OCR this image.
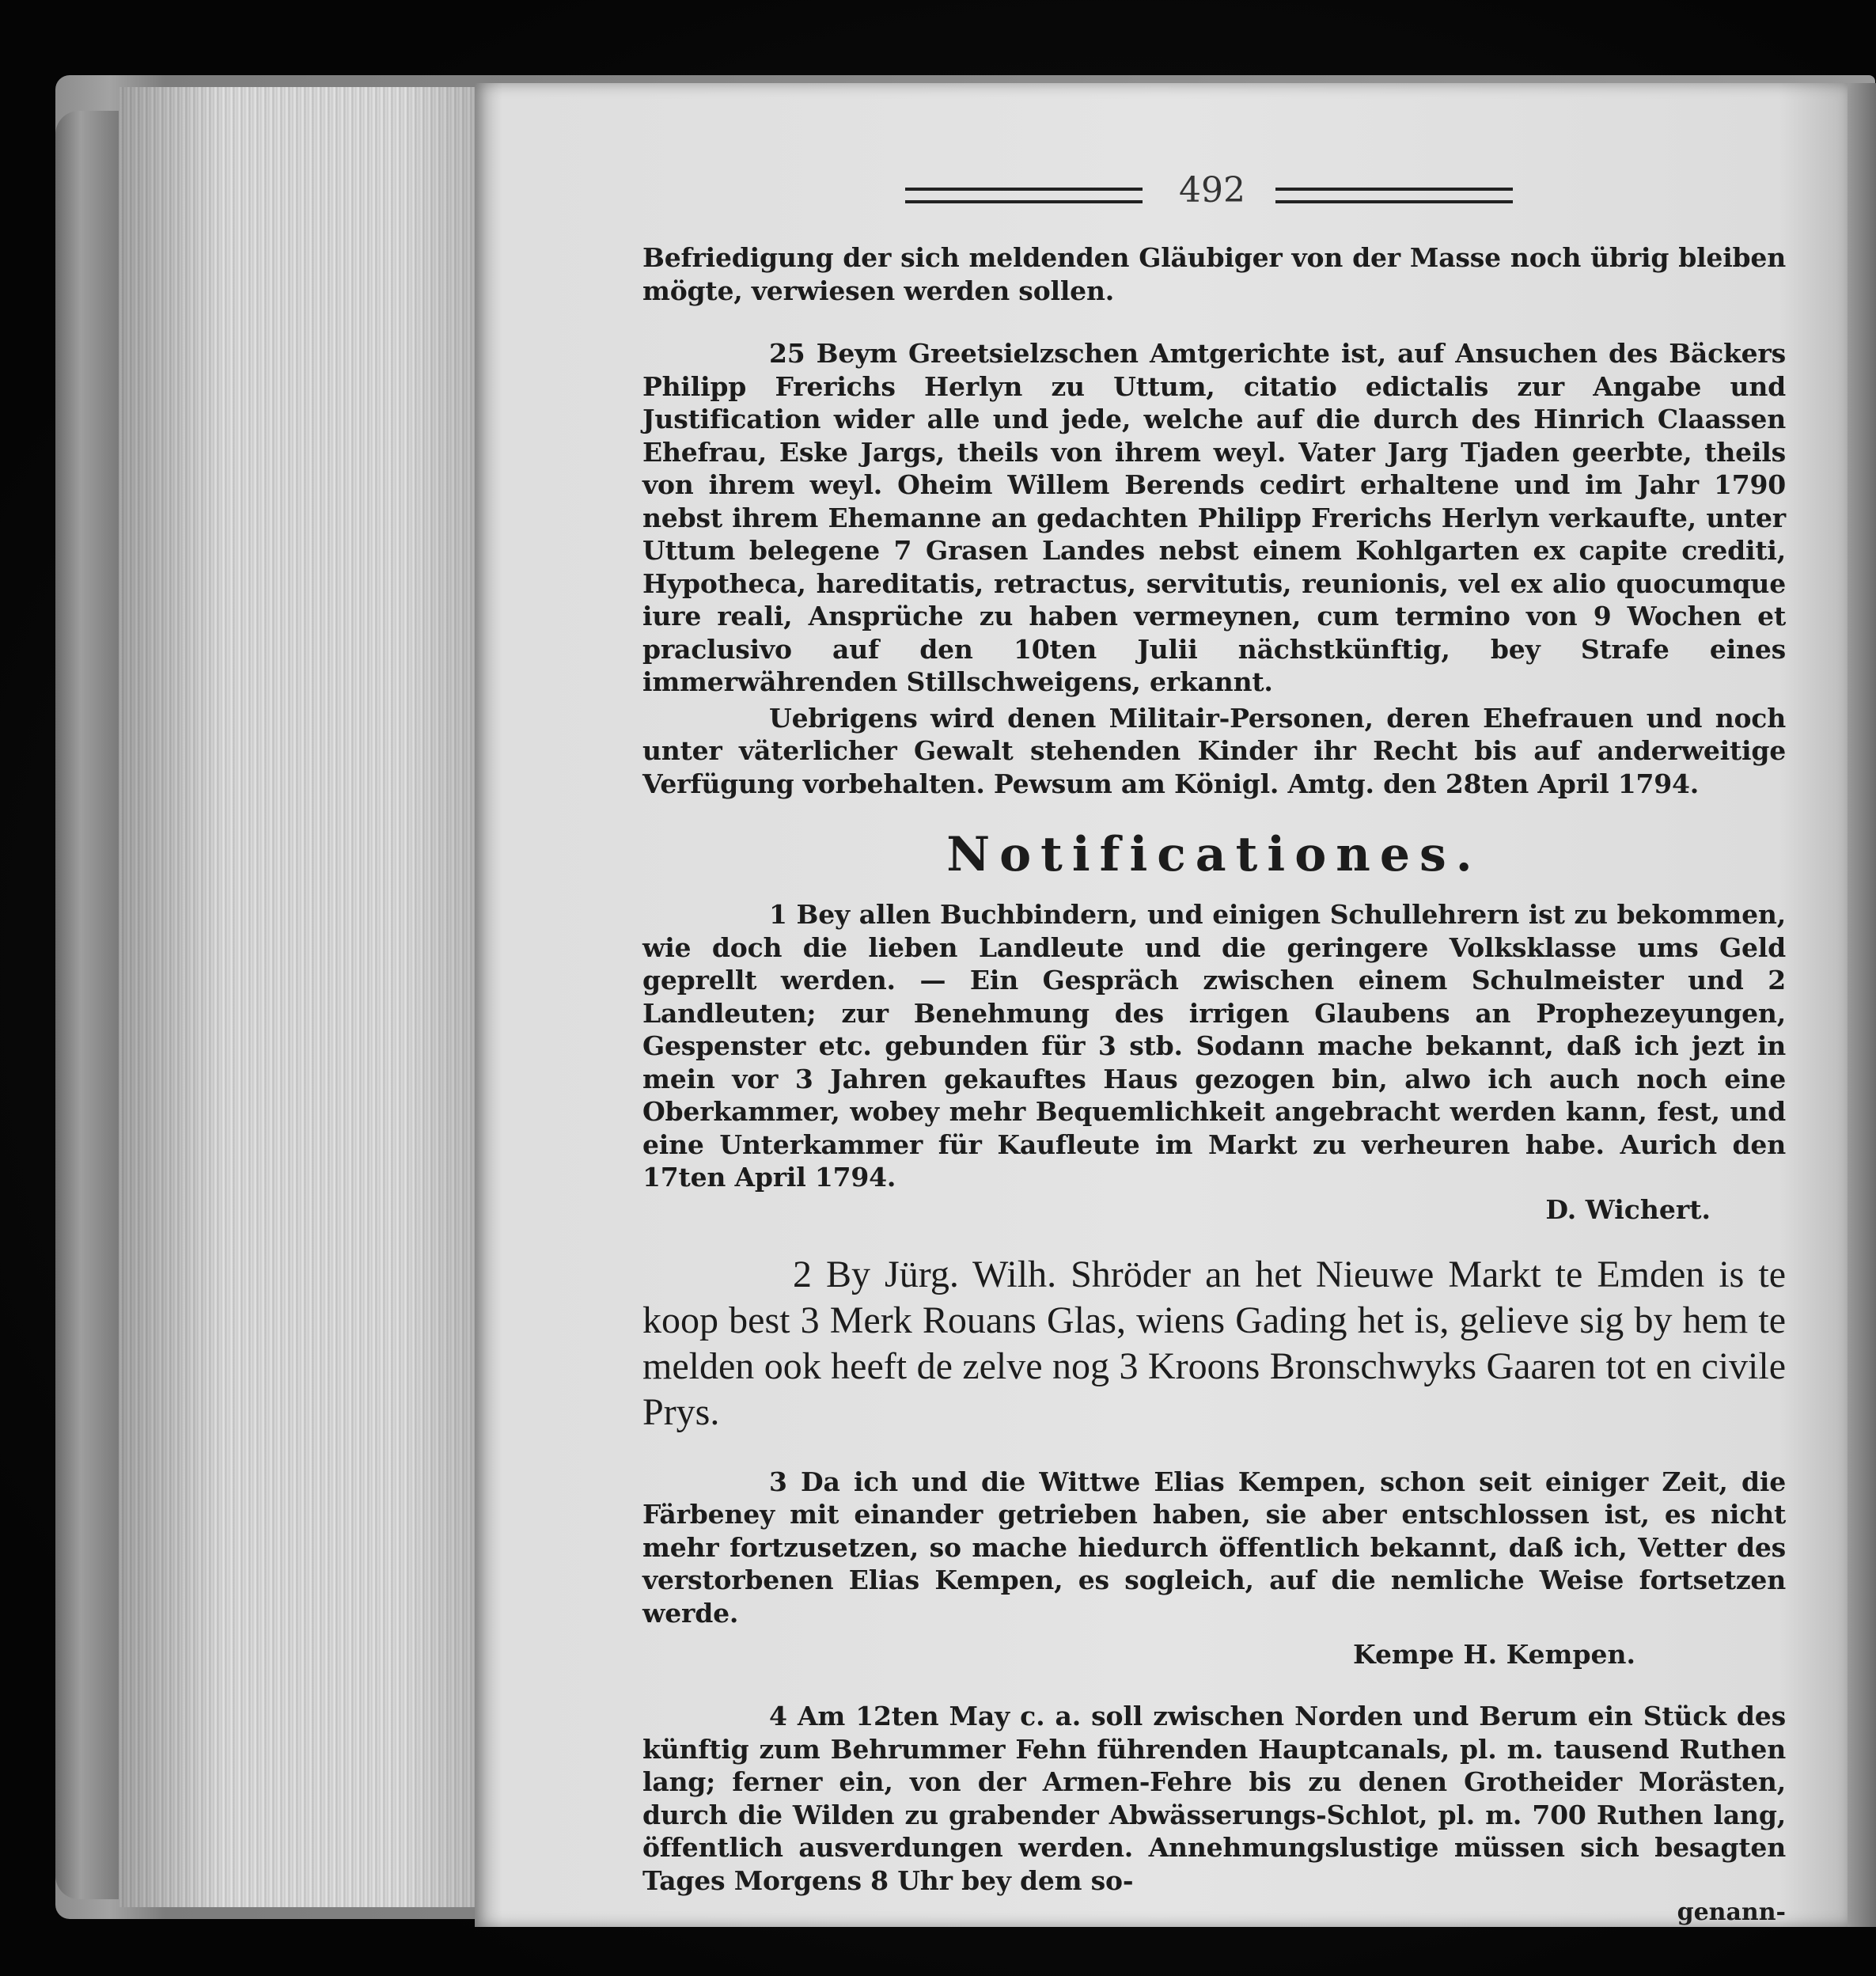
492
Befriedigung der sich meldenden Gläubiger von der Masse noch übrig bleiben mögte, verwiesen werden sollen.
25 Beym Greetsielzschen Amtgerichte ist, auf Ansuchen des Bäckers Philipp Frerichs Herlyn zu Uttum, citatio edictalis zur Angabe und Justification wider alle und jede, welche auf die durch des Hinrich Claassen Ehefrau, Eske Jargs, theils von ihrem weyl. Vater Jarg Tjaden geerbte, theils von ihrem weyl. Oheim Willem Berends cedirt erhaltene und im Jahr 1790 nebst ihrem Ehemanne an gedachten Philipp Frerichs Herlyn verkaufte, unter Uttum belegene 7 Grasen Landes nebst einem Kohlgarten ex capite crediti, Hypotheca, hareditatis, retractus, servitutis, reunionis, vel ex alio quocumque iure reali, Ansprüche zu haben vermeynen, cum termino von 9 Wochen et praclusivo auf den 10ten Julii nächstkünftig, bey Strafe eines immerwährenden Stillschweigens, erkannt.
Uebrigens wird denen Militair-Personen, deren Ehefrauen und noch unter väterlicher Gewalt stehenden Kinder ihr Recht bis auf anderweitige Verfügung vorbehalten. Pewsum am Königl. Amtg. den 28ten April 1794.
Notificationes.
1 Bey allen Buchbindern, und einigen Schullehrern ist zu bekommen, wie doch die lieben Landleute und die geringere Volksklasse ums Geld geprellt werden. — Ein Gespräch zwischen einem Schulmeister und 2 Landleuten; zur Benehmung des irrigen Glaubens an Prophezeyungen, Gespenster etc. gebunden für 3 stb. Sodann mache bekannt, daß ich jezt in mein vor 3 Jahren gekauftes Haus gezogen bin, alwo ich auch noch eine Oberkammer, wobey mehr Bequemlichkeit angebracht werden kann, fest, und eine Unterkammer für Kaufleute im Markt zu verheuren habe. Aurich den 17ten April 1794.
D. Wichert.
2 By Jürg. Wilh. Shröder an het Nieuwe Markt te Emden is te koop best 3 Merk Rouans Glas, wiens Gading het is, gelieve sig by hem te melden ook heeft de zelve nog 3 Kroons Bronschwyks Gaaren tot en civile Prys.
3 Da ich und die Wittwe Elias Kempen, schon seit einiger Zeit, die Färbeney mit einander getrieben haben, sie aber entschlossen ist, es nicht mehr fortzusetzen, so mache hiedurch öffentlich bekannt, daß ich, Vetter des verstorbenen Elias Kempen, es sogleich, auf die nemliche Weise fortsetzen werde.
Kempe H. Kempen.
4 Am 12ten May c. a. soll zwischen Norden und Berum ein Stück des künftig zum Behrummer Fehn führenden Hauptcanals, pl. m. tausend Ruthen lang; ferner ein, von der Armen-Fehre bis zu denen Grotheider Morästen, durch die Wilden zu grabender Abwässerungs-Schlot, pl. m. 700 Ruthen lang, öffentlich ausverdungen werden. Annehmungslustige müssen sich besagten Tages Morgens 8 Uhr bey dem so-
genann-
